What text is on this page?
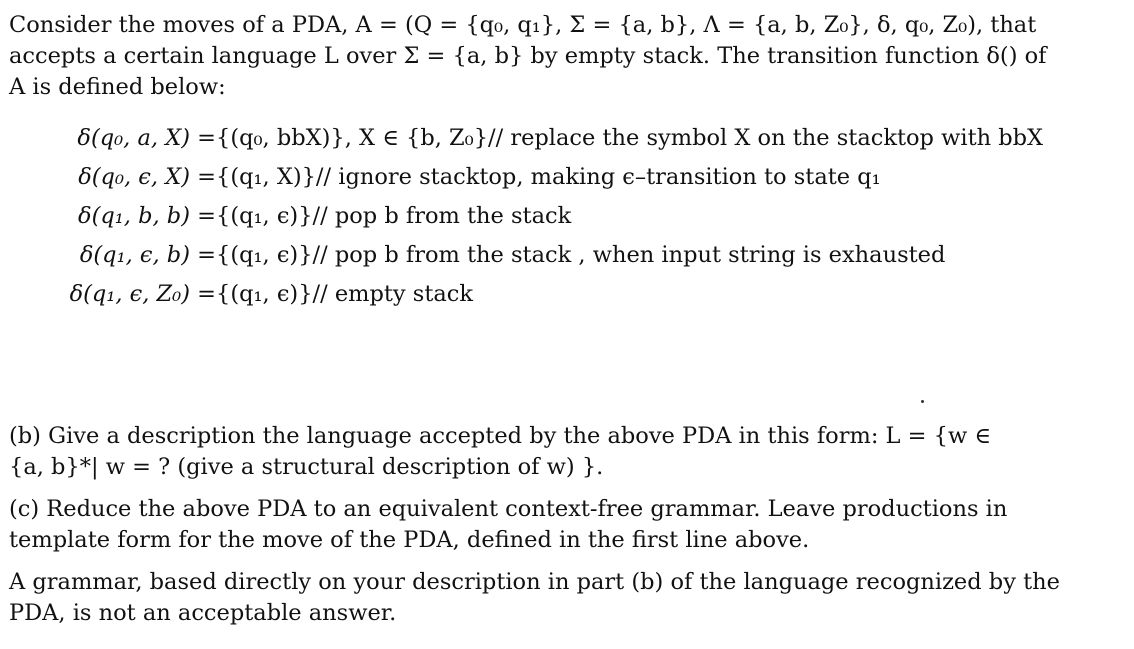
Consider the moves of a PDA, A = (Q = {q₀, q₁}, Σ = {a, b}, Λ = {a, b, Z₀}, δ, q₀, Z₀), that
accepts a certain language L over Σ = {a, b} by empty stack. The transition function δ() of
A is defined below:

δ(q₀, a, X) = {(q₀, bbX)}, X ∈ {b, Z₀}// replace the symbol X on the stacktop with bbX
δ(q₀, ϵ, X) = {(q₁, X)}// ignore stacktop, making ϵ–transition to state q₁
δ(q₁, b, b) = {(q₁, ϵ)}// pop b from the stack
δ(q₁, ϵ, b) = {(q₁, ϵ)}// pop b from the stack , when input string is exhausted
δ(q₁, ϵ, Z₀) = {(q₁, ϵ)}// empty stack

(b) Give a description the language accepted by the above PDA in this form: L = {w ∈
{a, b}*| w = ? (give a structural description of w) }.

(c) Reduce the above PDA to an equivalent context-free grammar. Leave productions in
template form for the move of the PDA, defined in the first line above.

A grammar, based directly on your description in part (b) of the language recognized by the
PDA, is not an acceptable answer.
